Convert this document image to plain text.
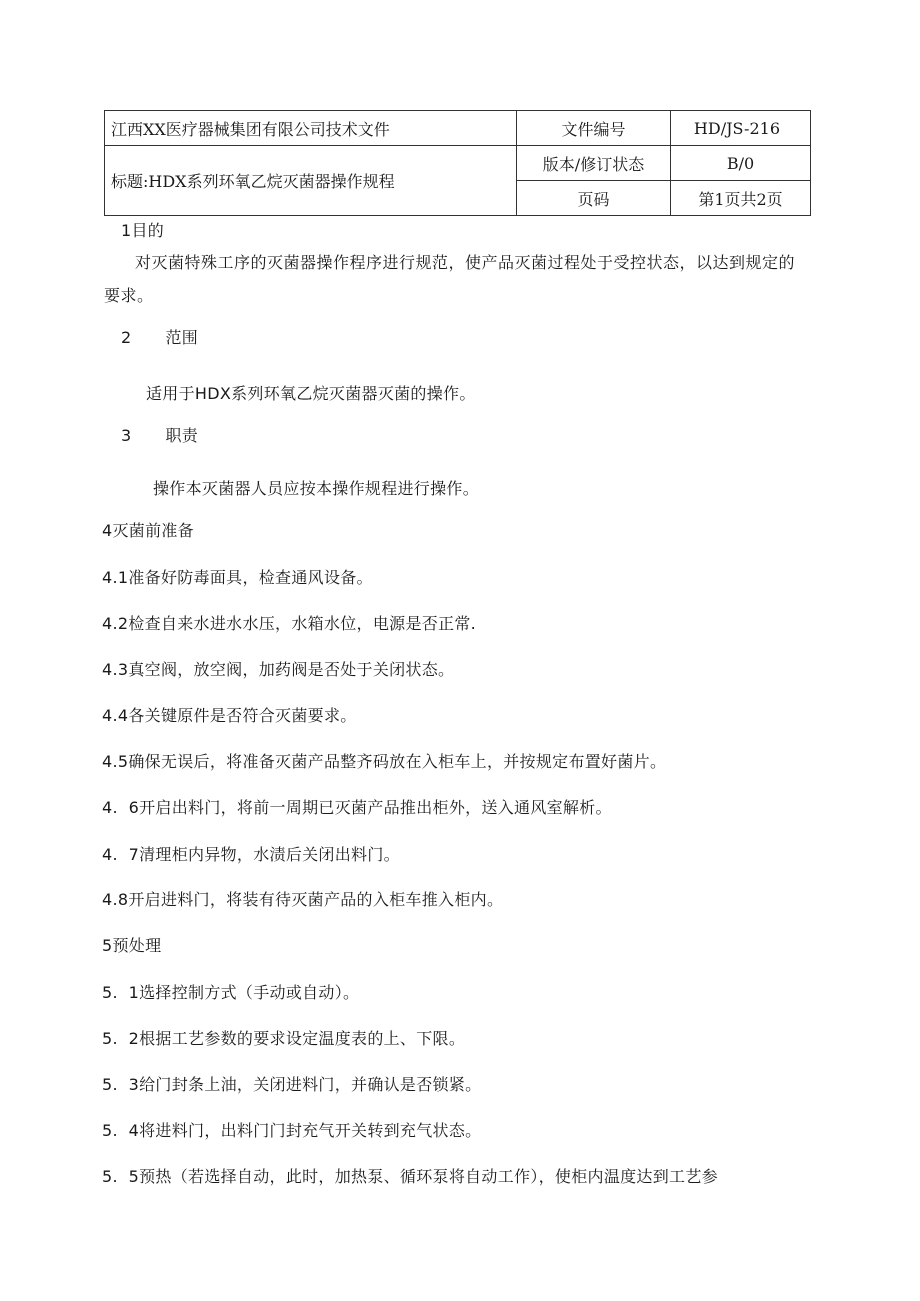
江西XX医疗器械集团有限公司技术文件	文件编号	HD/JS-216
标题:HDX系列环氧乙烷灭菌器操作规程	版本/修订状态	B/0
	页码	第1页共2页
1目的
对灭菌特殊工序的灭菌器操作程序进行规范，使产品灭菌过程处于受控状态，以达到规定的要求。
2 范围
适用于HDX系列环氧乙烷灭菌器灭菌的操作。
3 职责
操作本灭菌器人员应按本操作规程进行操作。
4灭菌前准备
4.1准备好防毒面具，检查通风设备。
4.2检查自来水进水水压，水箱水位，电源是否正常.
4.3真空阀，放空阀，加药阀是否处于关闭状态。
4.4各关键原件是否符合灭菌要求。
4.5确保无误后，将准备灭菌产品整齐码放在入柜车上，并按规定布置好菌片。
4.  6开启出料门，将前一周期已灭菌产品推出柜外，送入通风室解析。
4.  7清理柜内异物，水渍后关闭出料门。
4.8开启进料门，将装有待灭菌产品的入柜车推入柜内。
5预处理
5.  1选择控制方式（手动或自动）。
5.  2根据工艺参数的要求设定温度表的上、下限。
5.  3给门封条上油，关闭进料门，并确认是否锁紧。
5.  4将进料门，出料门门封充气开关转到充气状态。
5.  5预热（若选择自动，此时，加热泵、循环泵将自动工作），使柜内温度达到工艺参
